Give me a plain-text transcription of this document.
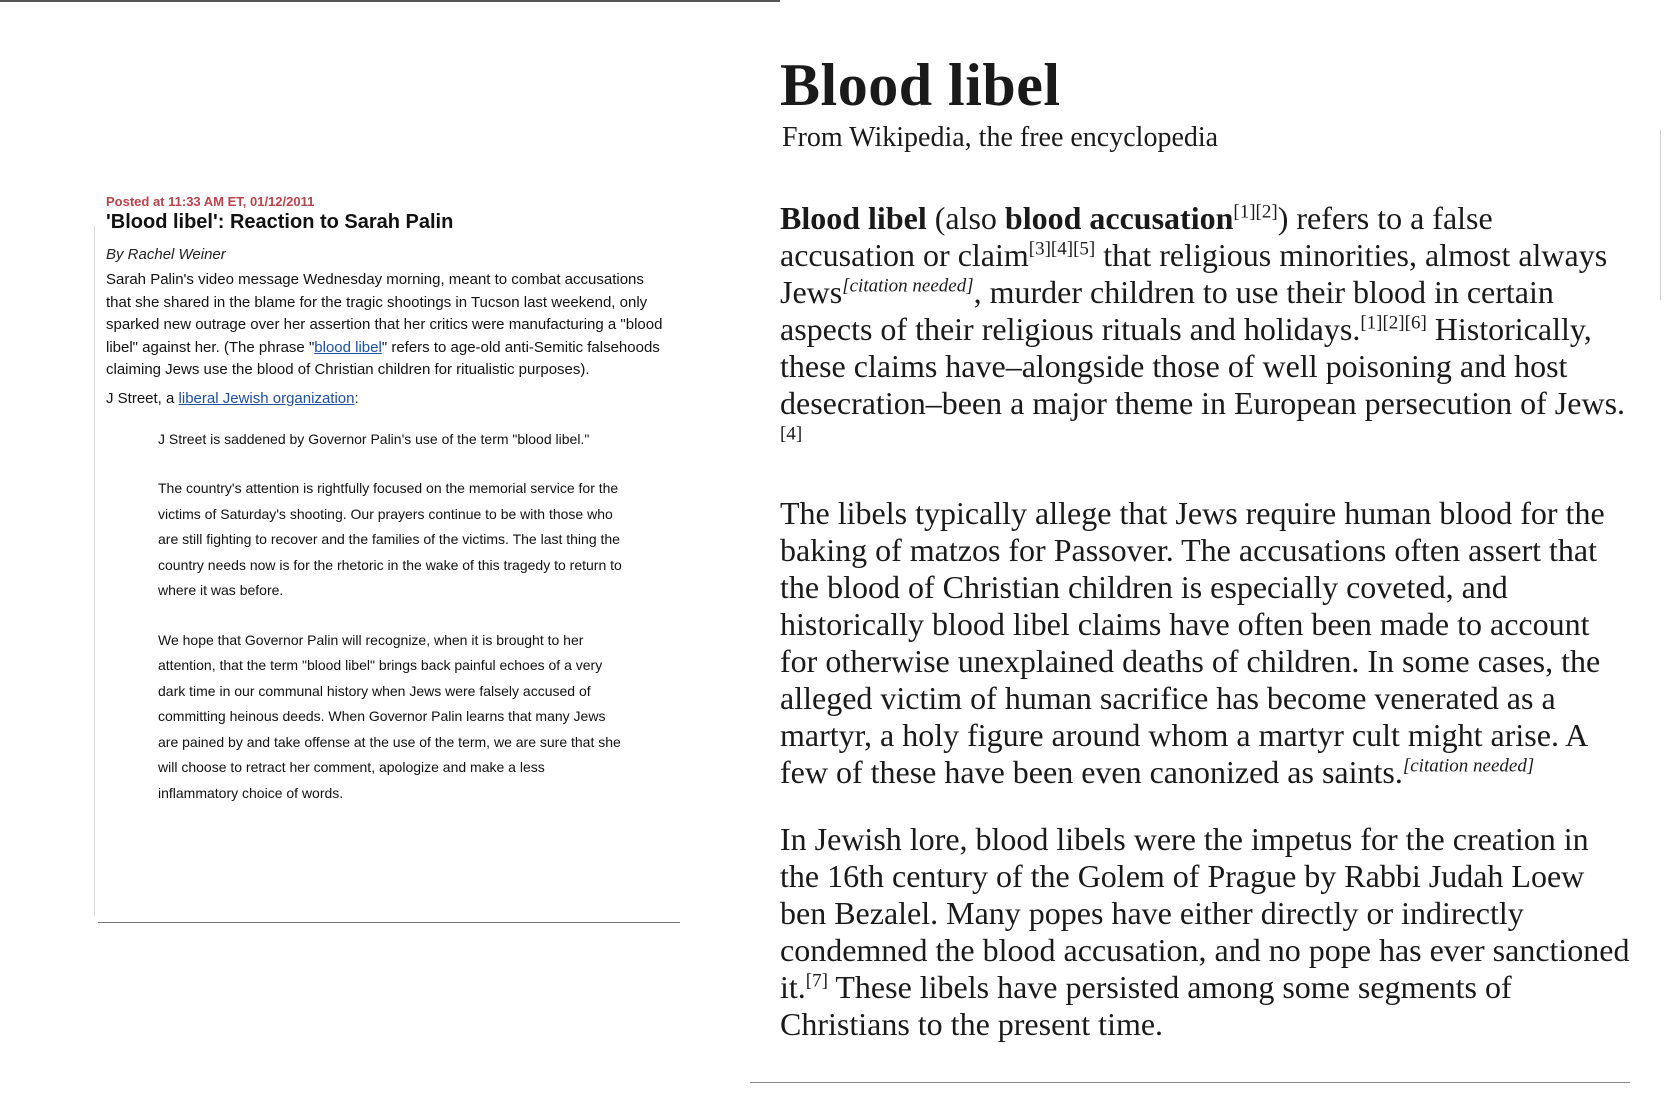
Posted at 11:33 AM ET, 01/12/2011
'Blood libel': Reaction to Sarah Palin
By Rachel Weiner
Sarah Palin's video message Wednesday morning, meant to combat accusations that she shared in the blame for the tragic shootings in Tucson last weekend, only sparked new outrage over her assertion that her critics were manufacturing a "blood libel" against her. (The phrase "blood libel" refers to age-old anti-Semitic falsehoods claiming Jews use the blood of Christian children for ritualistic purposes).
J Street, a liberal Jewish organization:

J Street is saddened by Governor Palin's use of the term "blood libel."

The country's attention is rightfully focused on the memorial service for the victims of Saturday's shooting. Our prayers continue to be with those who are still fighting to recover and the families of the victims. The last thing the country needs now is for the rhetoric in the wake of this tragedy to return to where it was before.

We hope that Governor Palin will recognize, when it is brought to her attention, that the term "blood libel" brings back painful echoes of a very dark time in our communal history when Jews were falsely accused of committing heinous deeds. When Governor Palin learns that many Jews are pained by and take offense at the use of the term, we are sure that she will choose to retract her comment, apologize and make a less inflammatory choice of words.

Blood libel
From Wikipedia, the free encyclopedia

Blood libel (also blood accusation[1][2]) refers to a false accusation or claim[3][4][5] that religious minorities, almost always Jews[citation needed], murder children to use their blood in certain aspects of their religious rituals and holidays.[1][2][6] Historically, these claims have–alongside those of well poisoning and host desecration–been a major theme in European persecution of Jews.[4]

The libels typically allege that Jews require human blood for the baking of matzos for Passover. The accusations often assert that the blood of Christian children is especially coveted, and historically blood libel claims have often been made to account for otherwise unexplained deaths of children. In some cases, the alleged victim of human sacrifice has become venerated as a martyr, a holy figure around whom a martyr cult might arise. A few of these have been even canonized as saints.[citation needed]

In Jewish lore, blood libels were the impetus for the creation in the 16th century of the Golem of Prague by Rabbi Judah Loew ben Bezalel. Many popes have either directly or indirectly condemned the blood accusation, and no pope has ever sanctioned it.[7] These libels have persisted among some segments of Christians to the present time.
